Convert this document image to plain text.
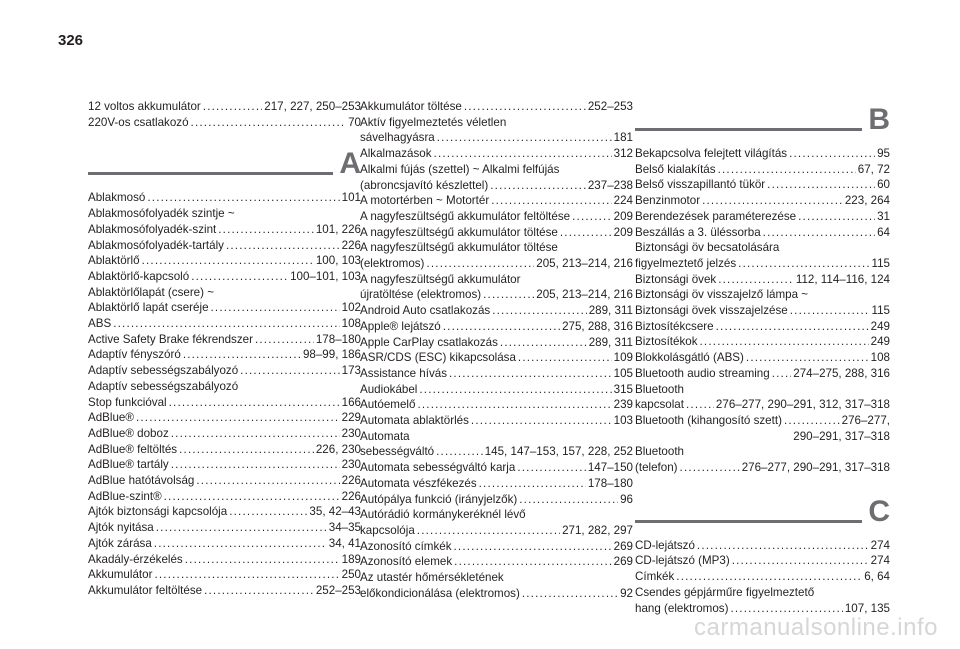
326
12 voltos akkumulátor .....	217, 227, 250–253
220V-os csatlakozó .....	70
A
Ablakmosó .....	101
Ablakmosófolyadék szintje ~
Ablakmosófolyadék-szint .....	101, 226
Ablakmosófolyadék-tartály .....	226
Ablaktörlő .....	100, 103
Ablaktörlő-kapcsoló .....	100–101, 103
Ablaktörlőlapát (csere) ~
Ablaktörlő lapát cseréje .....	102
ABS .....	108
Active Safety Brake fékrendszer .....	178–180
Adaptív fényszóró .....	98–99, 186
Adaptív sebességszabályozó .....	173
Adaptív sebességszabályozó
Stop funkcióval .....	166
AdBlue® .....	229
AdBlue® doboz .....	230
AdBlue® feltöltés .....	226, 230
AdBlue® tartály .....	230
AdBlue hatótávolság .....	226
AdBlue-szint® .....	226
Ajtók biztonsági kapcsolója .....	35, 42–43
Ajtók nyitása .....	34–35
Ajtók zárása .....	34, 41
Akadály-érzékelés .....	189
Akkumulátor .....	250
Akkumulátor feltöltése .....	252–253
Akkumulátor töltése .....	252–253
Aktív figyelmeztetés véletlen
sávelhagyásra .....	181
Alkalmazások .....	312
Alkalmi fújás (szettel) ~ Alkalmi felfújás
(abroncsjavító készlettel) .....	237–238
A motortérben ~ Motortér .....	224
A nagyfeszültségű akkumulátor feltöltése .....	209
A nagyfeszültségű akkumulátor töltése .....	209
A nagyfeszültségű akkumulátor töltése
(elektromos) .....	205, 213–214, 216
A nagyfeszültségű akkumulátor
újratöltése (elektromos) .....	205, 213–214, 216
Android Auto csatlakozás .....	289, 311
Apple® lejátszó .....	275, 288, 316
Apple CarPlay csatlakozás .....	289, 311
ASR/CDS (ESC) kikapcsolása .....	109
Assistance hívás .....	105
Audiokábel .....	315
Autóemelő .....	239
Automata ablaktörlés .....	103
Automata
sebességváltó .....	145, 147–153, 157, 228, 252
Automata sebességváltó karja .....	147–150
Automata vészfékezés .....	178–180
Autópálya funkció (irányjelzők) .....	96
Autórádió kormánykeréknél lévő
kapcsolója .....	271, 282, 297
Azonosító címkék .....	269
Azonosító elemek .....	269
Az utastér hőmérsékletének
előkondicionálása (elektromos) .....	92
B
Bekapcsolva felejtett világítás .....	95
Belső kialakítás .....	67, 72
Belső visszapillantó tükör .....	60
Benzinmotor .....	223, 264
Berendezések paraméterezése .....	31
Beszállás a 3. üléssorba .....	64
Biztonsági öv becsatolására
figyelmeztető jelzés .....	115
Biztonsági övek .....	112, 114–116, 124
Biztonsági öv visszajelző lámpa ~
Biztonsági övek visszajelzése .....	115
Biztosítékcsere .....	249
Biztosítékok .....	249
Blokkolásgátló (ABS) .....	108
Bluetooth audio streaming ..... 274–275, 288, 316
Bluetooth
kapcsolat .....	276–277, 290–291, 312, 317–318
Bluetooth (kihangosító szett) .....	276–277,
290–291, 317–318
Bluetooth
(telefon) .....	276–277, 290–291, 317–318
C
CD-lejátszó .....	274
CD-lejátszó (MP3) .....	274
Címkék .....	6, 64
Csendes gépjárműre figyelmeztető
hang (elektromos) .....	107, 135
carmanualsonline.info
